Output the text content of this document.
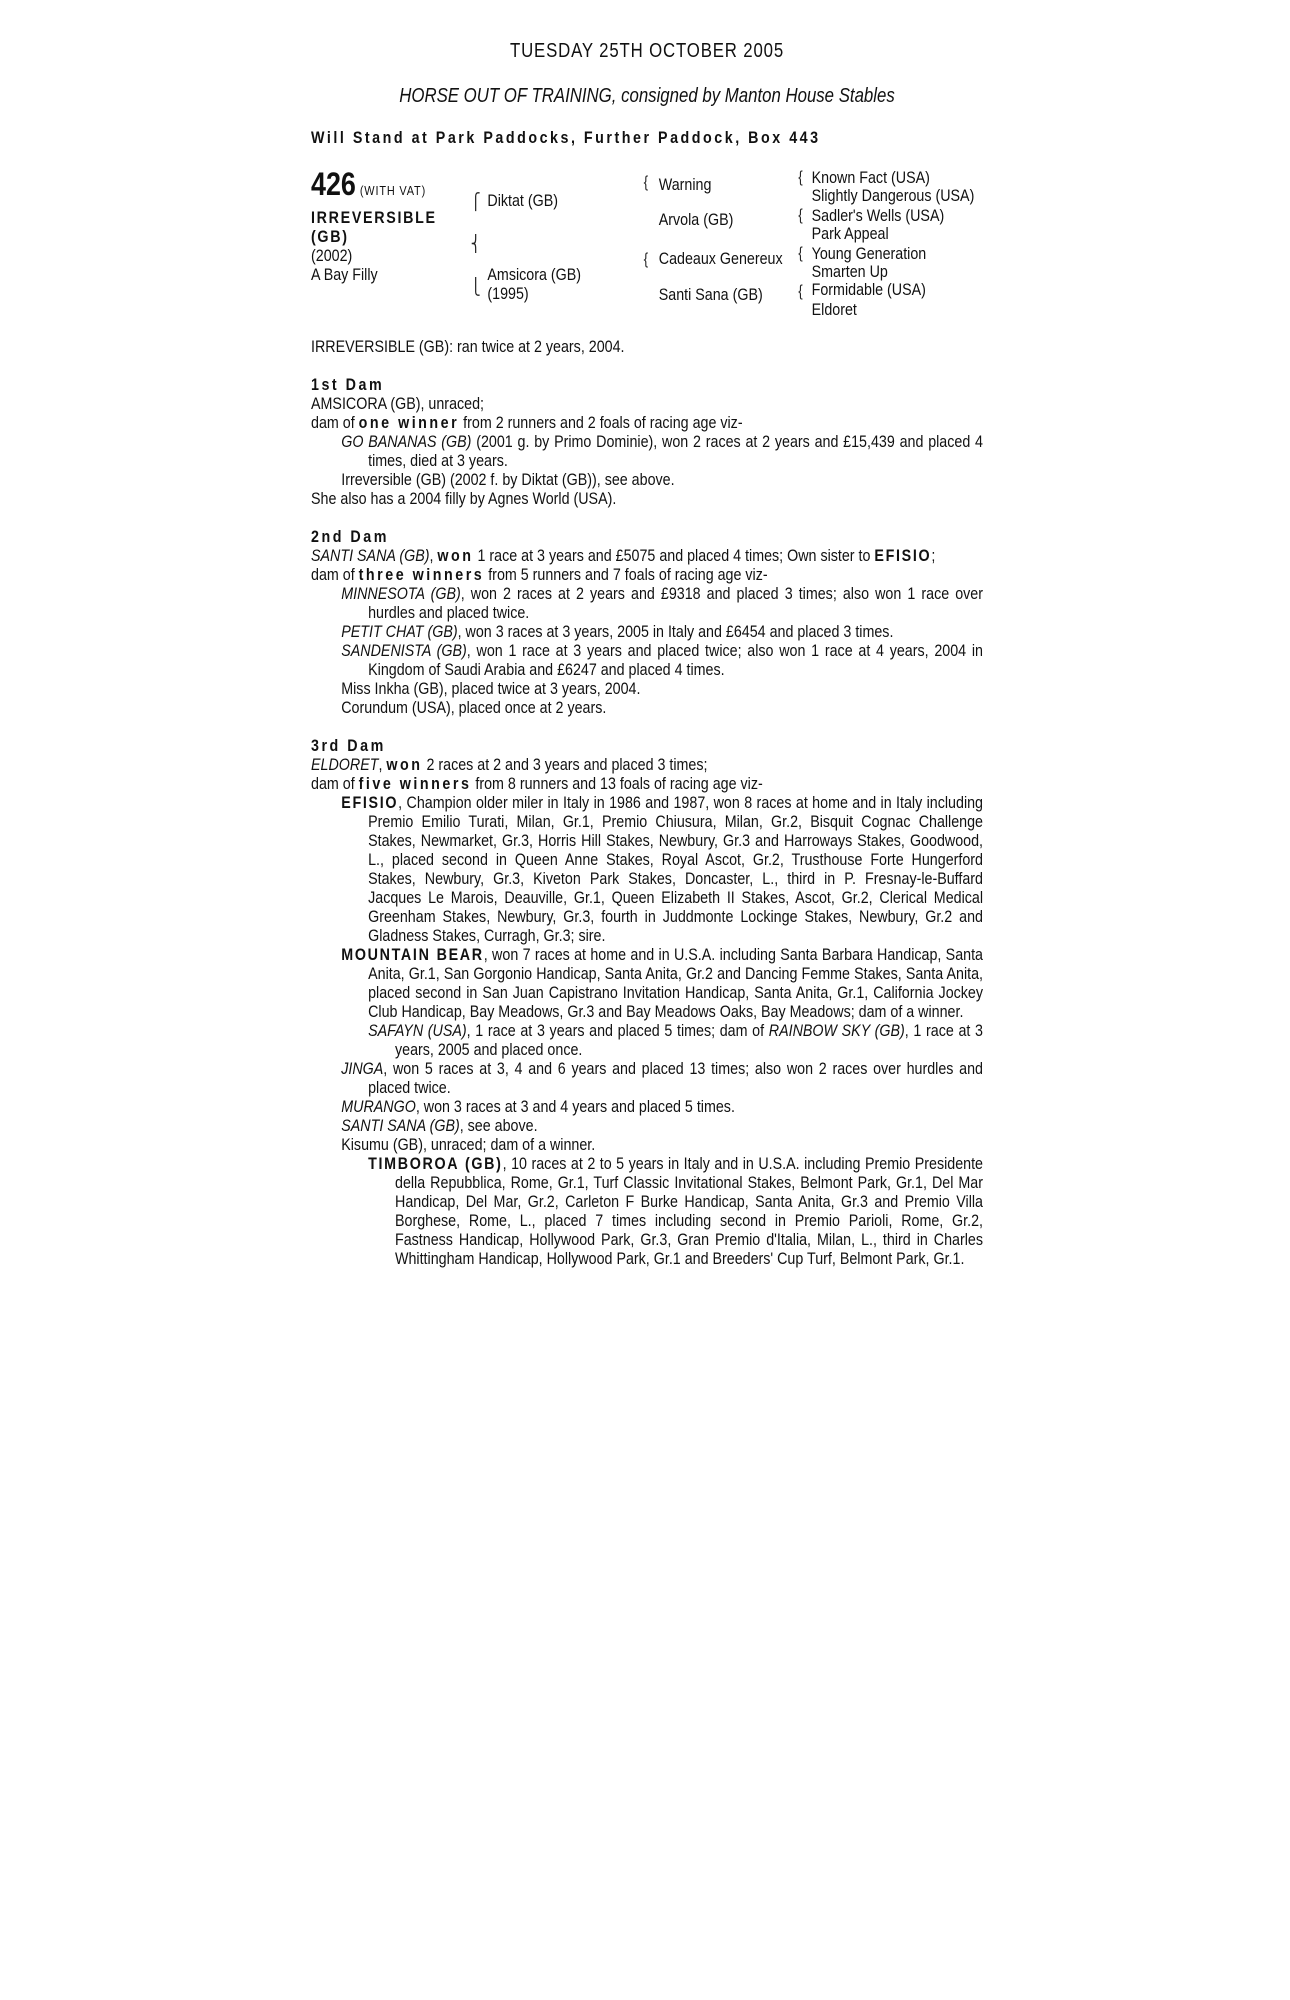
TUESDAY 25TH OCTOBER 2005
HORSE OUT OF TRAINING, consigned by Manton House Stables
Will Stand at Park Paddocks, Further Paddock, Box 443
426 (WITH VAT)
IRREVERSIBLE
(GB)
(2002)
A Bay Filly
⎧
⎨
⎩
Diktat (GB)
Amsicora (GB)
(1995)
{ Warning
Arvola (GB)
{ Cadeaux Genereux
Santi Sana (GB)
{ Known Fact (USA)
Slightly Dangerous (USA)
{ Sadler's Wells (USA)
Park Appeal
{ Young Generation
Smarten Up
{ Formidable (USA)
Eldoret

IRREVERSIBLE (GB): ran twice at 2 years, 2004.

1st Dam

AMSICORA (GB), unraced;

dam of one winner from 2 runners and 2 foals of racing age viz-

GO BANANAS (GB) (2001 g. by Primo Dominie), won 2 races at 2 years and £15,439 and placed 4 times, died at 3 years.

Irreversible (GB) (2002 f. by Diktat (GB)), see above.

She also has a 2004 filly by Agnes World (USA).

2nd Dam

SANTI SANA (GB), won 1 race at 3 years and £5075 and placed 4 times; Own sister to EFISIO;

dam of three winners from 5 runners and 7 foals of racing age viz-

MINNESOTA (GB), won 2 races at 2 years and £9318 and placed 3 times; also won 1 race over hurdles and placed twice.

PETIT CHAT (GB), won 3 races at 3 years, 2005 in Italy and £6454 and placed 3 times.

SANDENISTA (GB), won 1 race at 3 years and placed twice; also won 1 race at 4 years, 2004 in Kingdom of Saudi Arabia and £6247 and placed 4 times.

Miss Inkha (GB), placed twice at 3 years, 2004.

Corundum (USA), placed once at 2 years.

3rd Dam

ELDORET, won 2 races at 2 and 3 years and placed 3 times;

dam of five winners from 8 runners and 13 foals of racing age viz-

EFISIO, Champion older miler in Italy in 1986 and 1987, won 8 races at home and in Italy including Premio Emilio Turati, Milan, Gr.1, Premio Chiusura, Milan, Gr.2, Bisquit Cognac Challenge Stakes, Newmarket, Gr.3, Horris Hill Stakes, Newbury, Gr.3 and Harroways Stakes, Goodwood, L., placed second in Queen Anne Stakes, Royal Ascot, Gr.2, Trusthouse Forte Hungerford Stakes, Newbury, Gr.3, Kiveton Park Stakes, Doncaster, L., third in P. Fresnay-le-Buffard Jacques Le Marois, Deauville, Gr.1, Queen Elizabeth II Stakes, Ascot, Gr.2, Clerical Medical Greenham Stakes, Newbury, Gr.3, fourth in Juddmonte Lockinge Stakes, Newbury, Gr.2 and Gladness Stakes, Curragh, Gr.3; sire.

MOUNTAIN BEAR, won 7 races at home and in U.S.A. including Santa Barbara Handicap, Santa Anita, Gr.1, San Gorgonio Handicap, Santa Anita, Gr.2 and Dancing Femme Stakes, Santa Anita, placed second in San Juan Capistrano Invitation Handicap, Santa Anita, Gr.1, California Jockey Club Handicap, Bay Meadows, Gr.3 and Bay Meadows Oaks, Bay Meadows; dam of a winner.

SAFAYN (USA), 1 race at 3 years and placed 5 times; dam of RAINBOW SKY (GB), 1 race at 3 years, 2005 and placed once.

JINGA, won 5 races at 3, 4 and 6 years and placed 13 times; also won 2 races over hurdles and placed twice.

MURANGO, won 3 races at 3 and 4 years and placed 5 times.

SANTI SANA (GB), see above.

Kisumu (GB), unraced; dam of a winner.

TIMBOROA (GB), 10 races at 2 to 5 years in Italy and in U.S.A. including Premio Presidente della Repubblica, Rome, Gr.1, Turf Classic Invitational Stakes, Belmont Park, Gr.1, Del Mar Handicap, Del Mar, Gr.2, Carleton F Burke Handicap, Santa Anita, Gr.3 and Premio Villa Borghese, Rome, L., placed 7 times including second in Premio Parioli, Rome, Gr.2, Fastness Handicap, Hollywood Park, Gr.3, Gran Premio d'Italia, Milan, L., third in Charles Whittingham Handicap, Hollywood Park, Gr.1 and Breeders' Cup Turf, Belmont Park, Gr.1.
